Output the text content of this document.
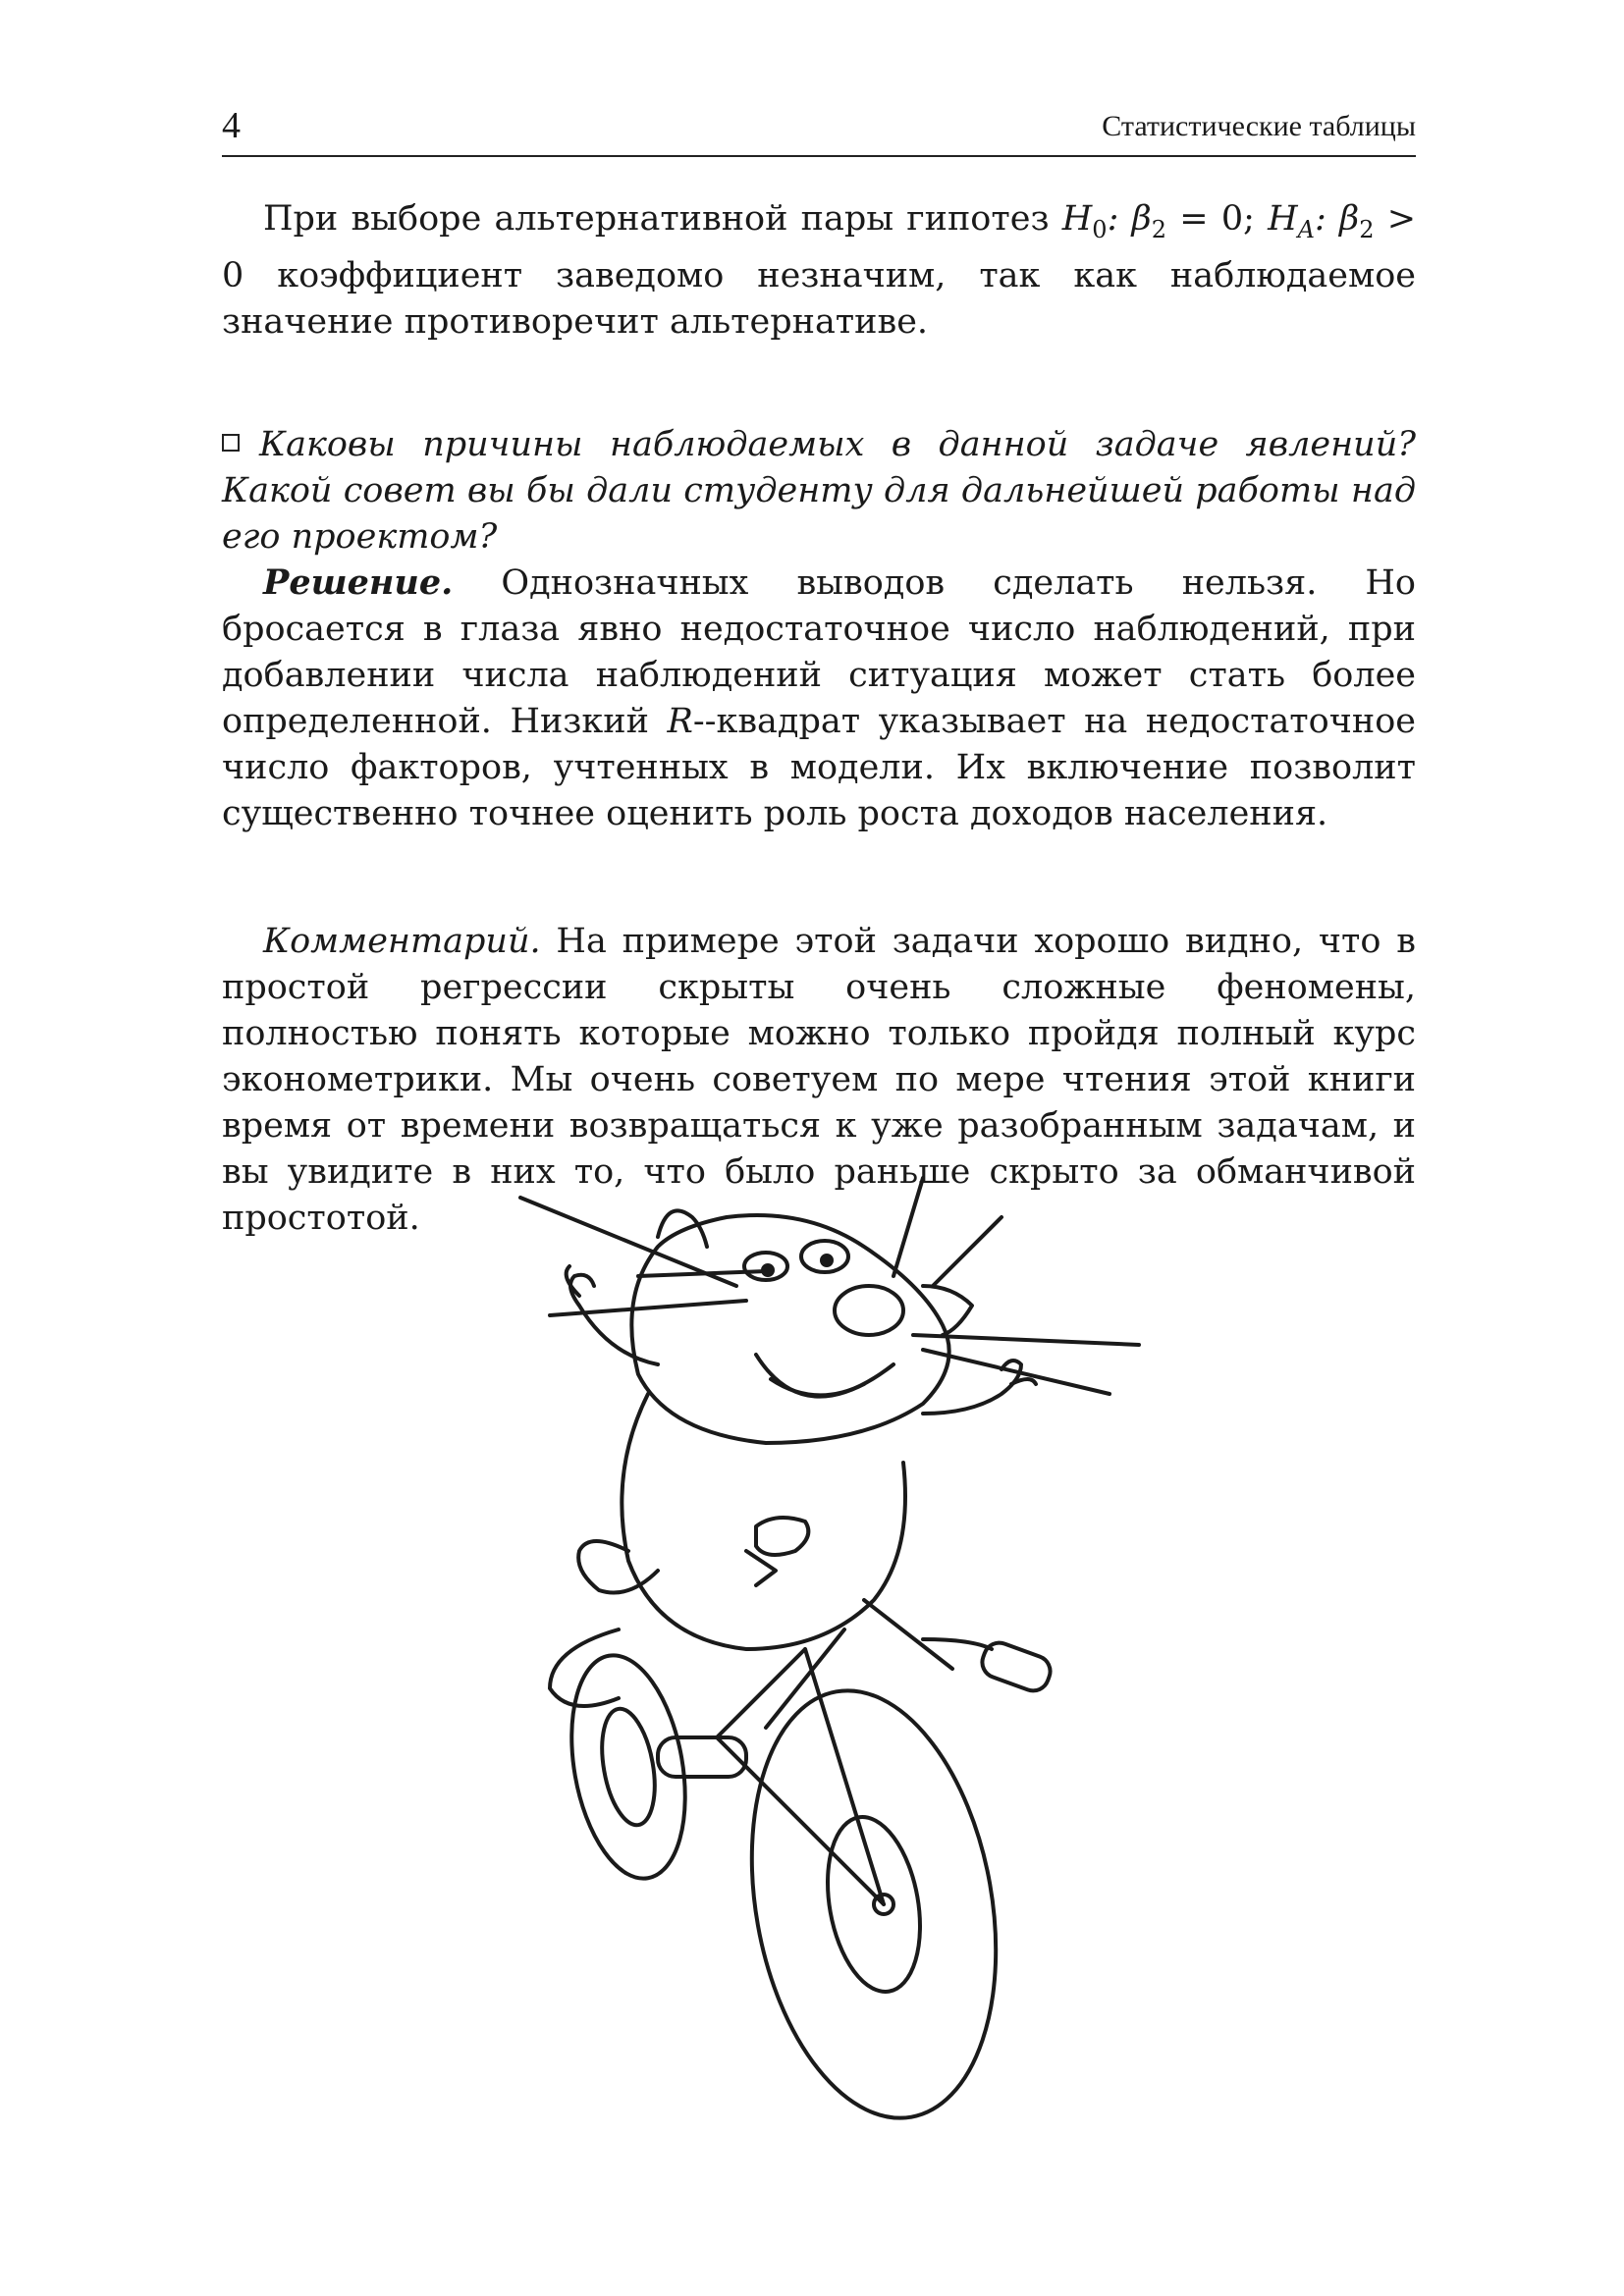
4	Статистические таблицы
При выборе альтернативной пары гипотез $H_0$: $\beta_2 = 0$; $H_A$: $\beta_2 > 0$ коэффициент заведомо незначим, так как наблюдаемое значение противоречит альтернативе.
Каковы причины наблюдаемых в данной задаче явлений? Какой совет вы бы дали студенту для дальнейшей работы над его проектом?
Решение. Однозначных выводов сделать нельзя. Но бросается в глаза явно недостаточное число наблюдений, при добавлении числа наблюдений ситуация может стать более определенной. Низкий R--квадрат указывает на недостаточное число факторов, учтенных в модели. Их включение позволит существенно точнее оценить роль роста доходов населения.
Комментарий. На примере этой задачи хорошо видно, что в простой регрессии скрыты очень сложные феномены, полностью понять которые можно только пройдя полный курс эконометрики. Мы очень советуем по мере чтения этой книги время от времени возвращаться к уже разобранным задачам, и вы увидите в них то, что было раньше скрыто за обманчивой простотой.
